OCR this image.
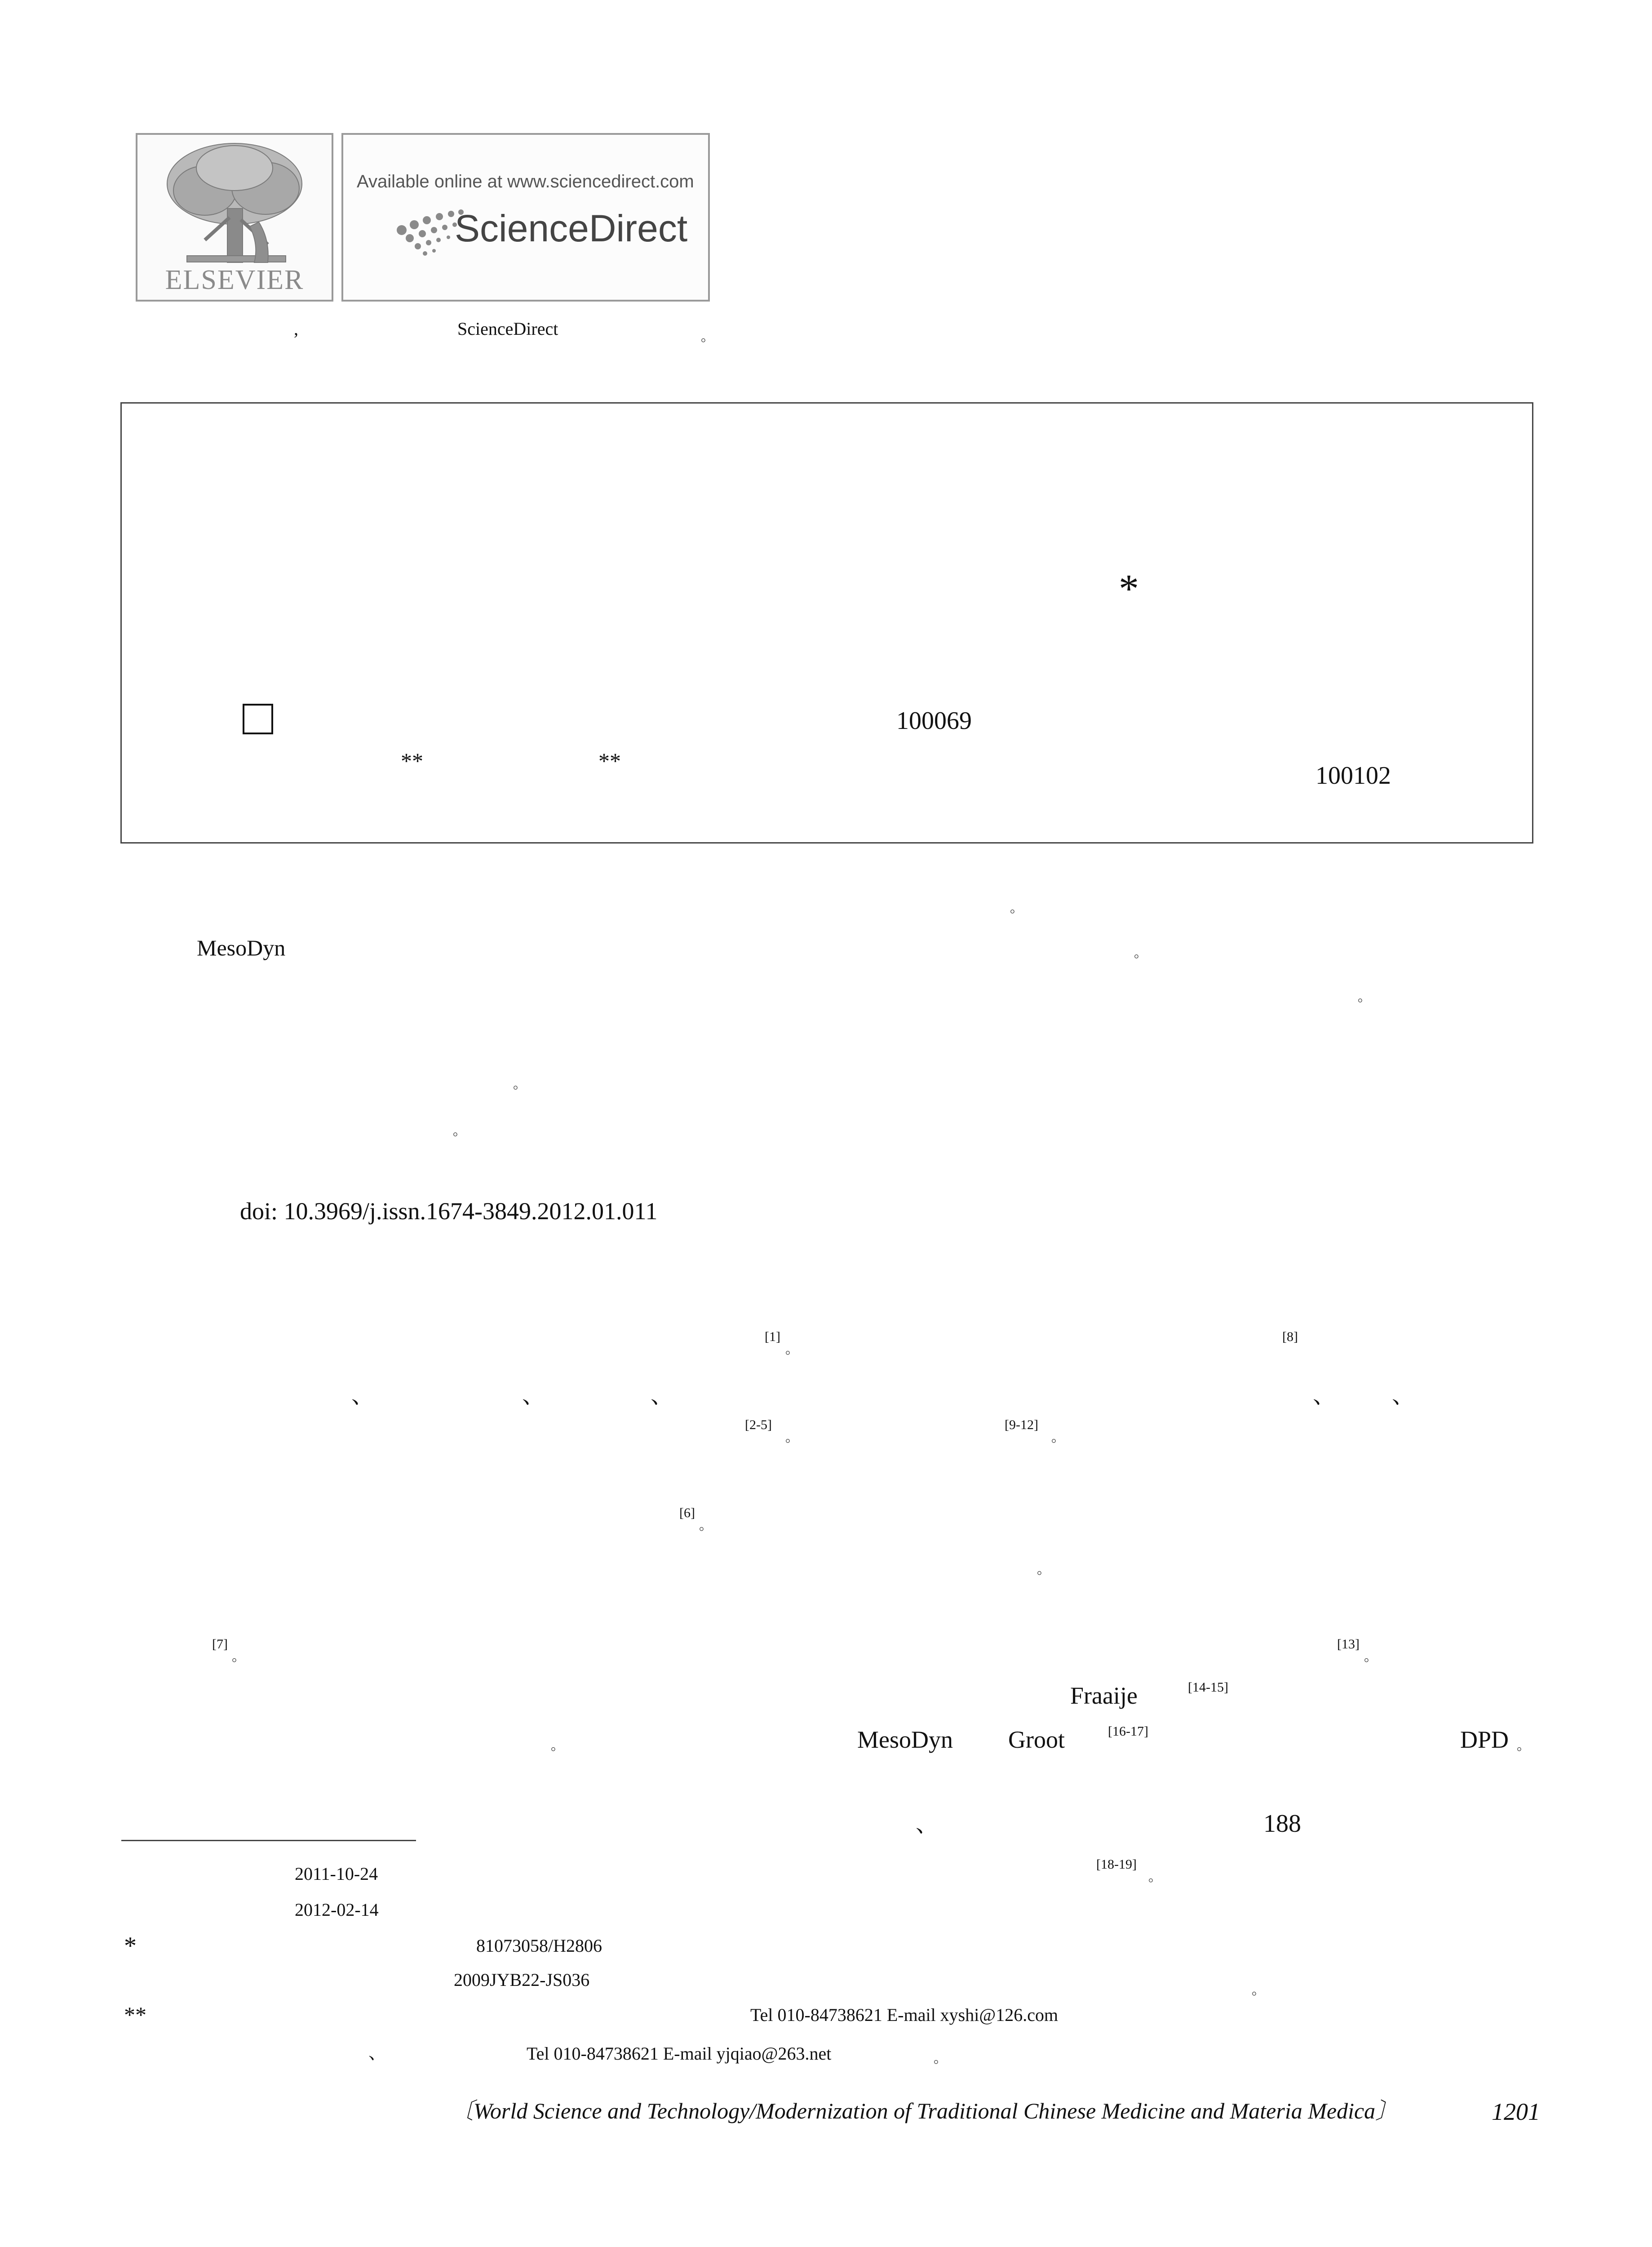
ELSEVIER
Available online at www.sciencedirect.com
ScienceDirect
,	ScienceDirect	。
*
100069
**	**
100102
。
MesoDyn	。
。
。
。
doi: 10.3969/j.issn.1674-3849.2012.01.011
[1]
。
[8]
、	、	、	、	、
[2-5]
。
[9-12]
。
[6]
。
。
[7]
。
[13]
。
Fraaije	[14-15]
。	MesoDyn Groot	[16-17]	DPD 。
、	188
[18-19]
。
2011-10-24
2012-02-14
*	81073058/H2806
2009JYB22-JS036
。
**	Tel 010-84738621 E-mail xyshi@126.com
、	Tel 010-84738621 E-mail yjqiao@263.net	。
〔World Science and Technology/Modernization of Traditional Chinese Medicine and Materia Medica〕	1201
